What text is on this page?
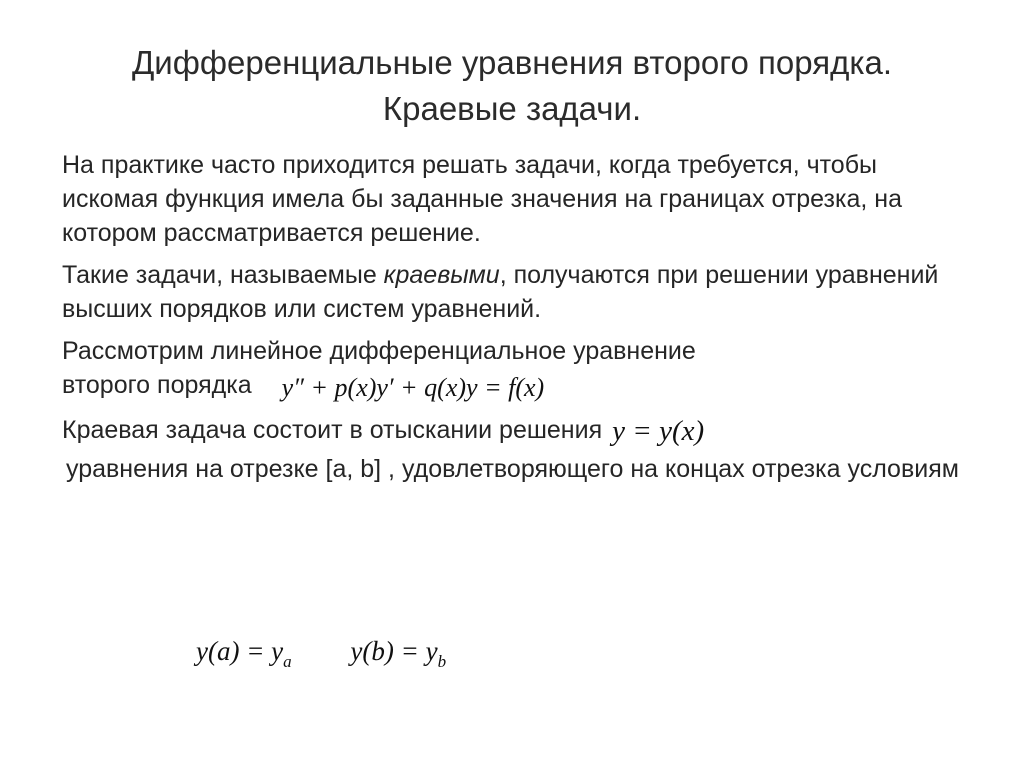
Дифференциальные уравнения второго порядка.
Краевые задачи.

На практике часто приходится решать задачи, когда требуется, чтобы искомая функция имела бы заданные значения на границах отрезка, на котором рассматривается решение.

Такие задачи, называемые краевыми, получаются при решении уравнений высших порядков или систем уравнений.

Рассмотрим линейное дифференциальное уравнение
второго порядка y″ + p(x)y′ + q(x)y = f(x)

Краевая задача состоит в отыскании решения y = y(x)

уравнения на отрезке [a, b] , удовлетворяющего на концах отрезка условиям

$y(a) = y_a$ $y(b) = y_b$
